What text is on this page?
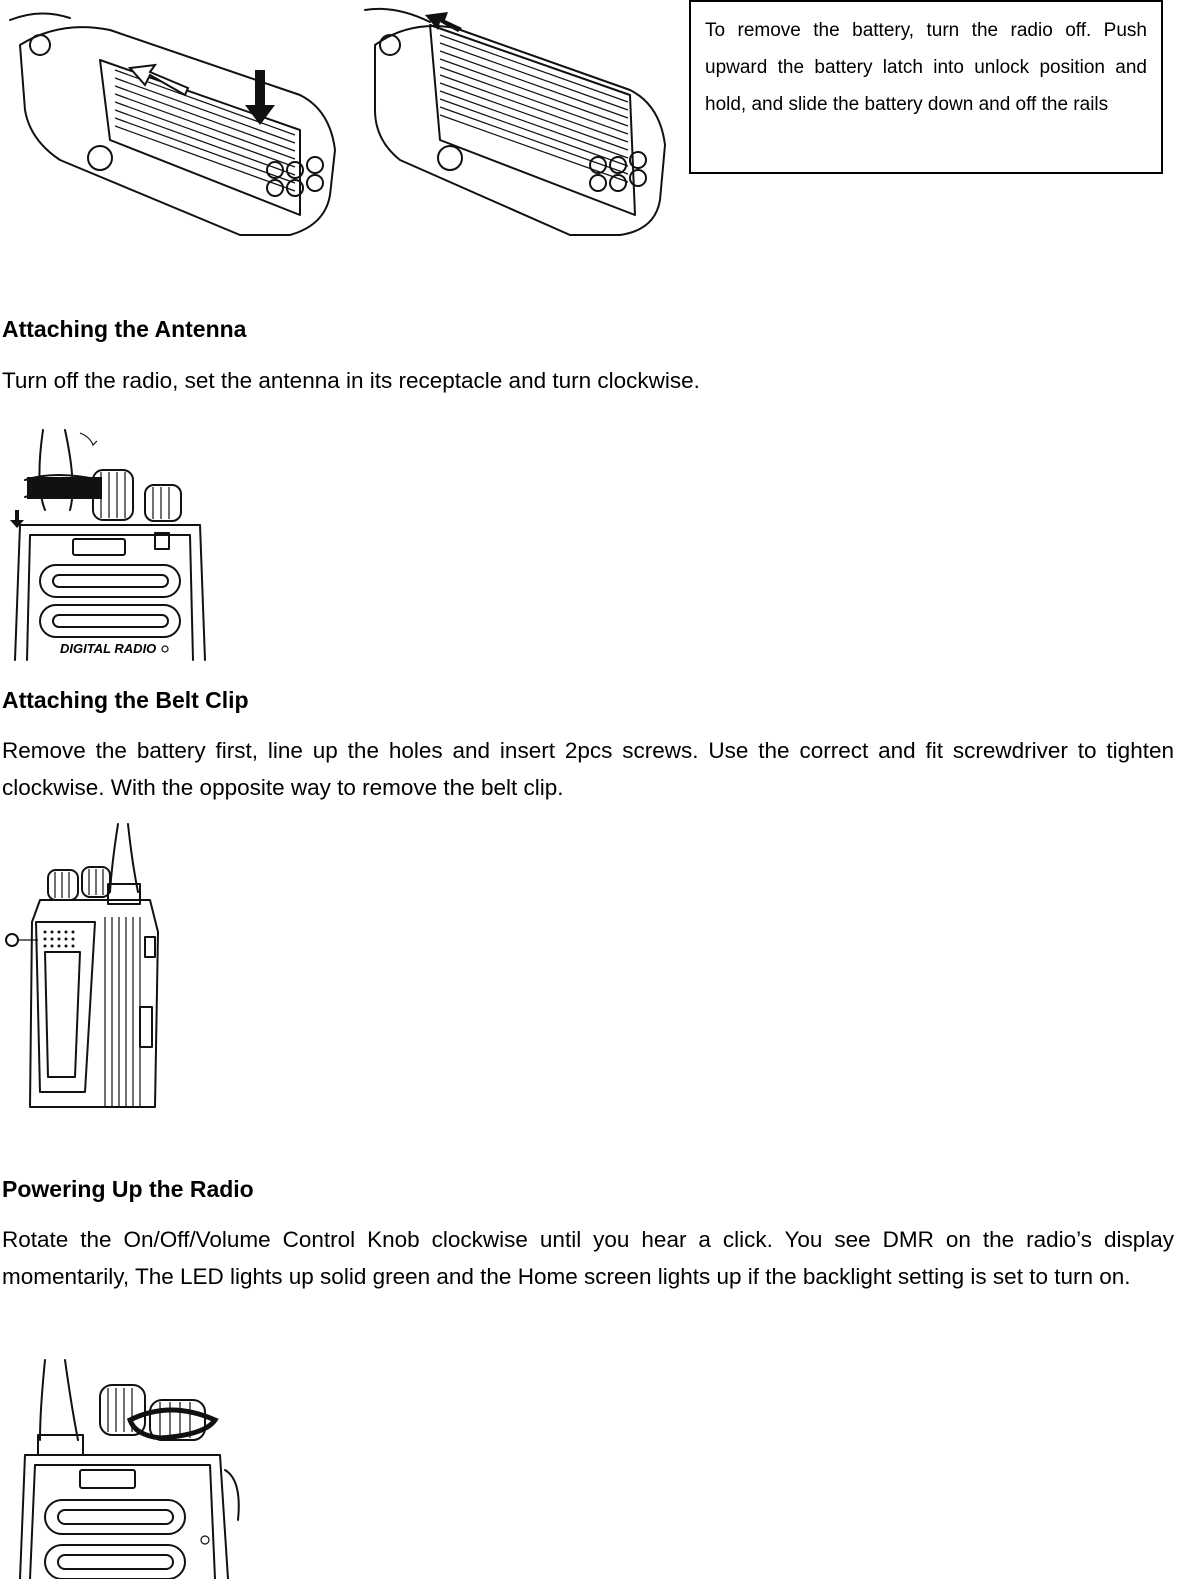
To remove the battery, turn the radio off. Push upward the battery latch into unlock position and hold, and slide the battery down and off the rails
Attaching the Antenna
Turn off the radio, set the antenna in its receptacle and turn clockwise.
DIGITAL RADIO
Attaching the Belt Clip
Remove the battery first, line up the holes and insert 2pcs screws. Use the correct and fit screwdriver to tighten clockwise. With the opposite way to remove the belt clip.
Powering Up the Radio
Rotate the On/Off/Volume Control Knob clockwise until you hear a click. You see DMR on the radio’s display momentarily, The LED lights up solid green and the Home screen lights up if the backlight setting is set to turn on.
